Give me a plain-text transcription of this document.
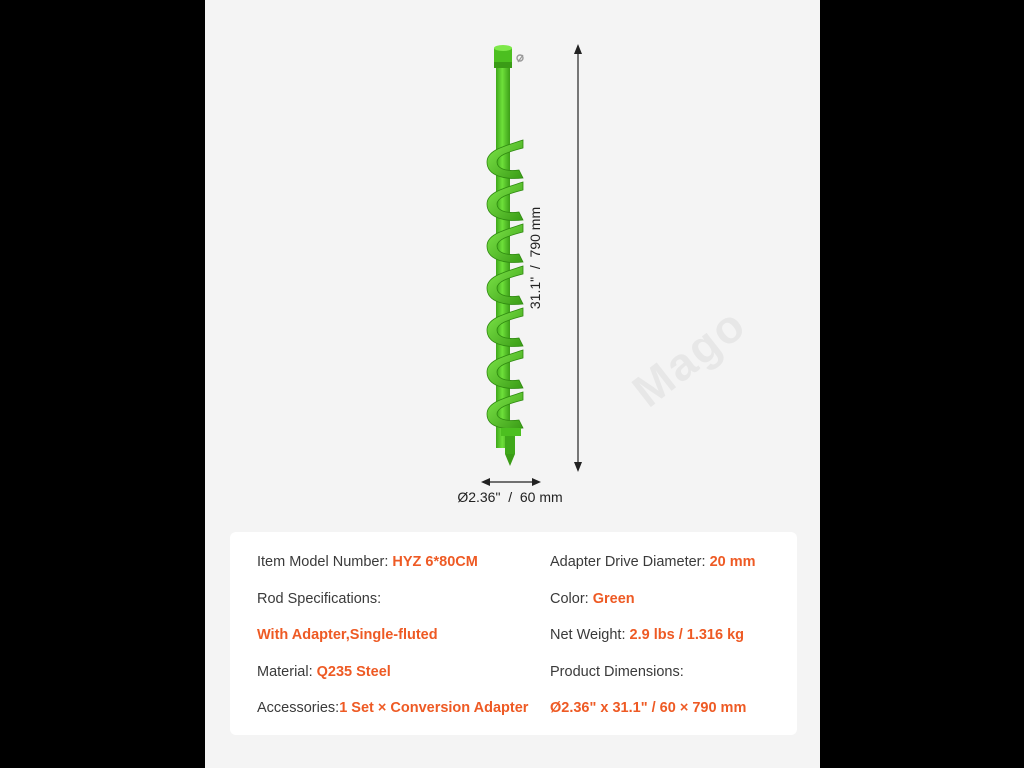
Mago
31.1"  /  790 mm
Ø2.36"  /  60 mm
Item Model Number: HYZ 6*80CM
Rod Specifications:
With Adapter,Single-fluted
Material: Q235 Steel
Accessories:1 Set × Conversion Adapter
Adapter Drive Diameter: 20 mm
Color: Green
Net Weight: 2.9 lbs / 1.316 kg
Product Dimensions:
Ø2.36" x 31.1" / 60 × 790 mm
